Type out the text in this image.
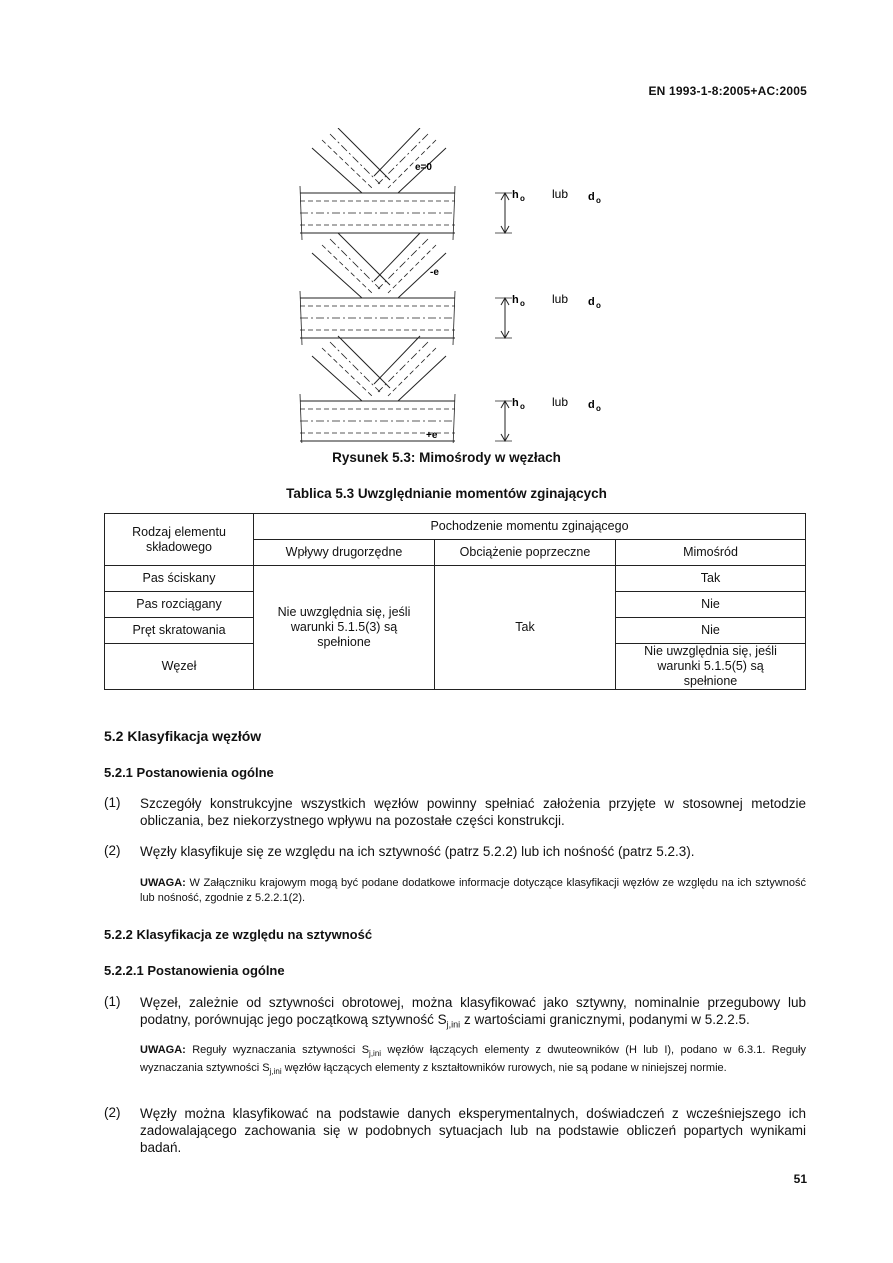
EN 1993-1-8:2005+AC:2005
e=0
h o lub d o
-e
h o lub d o
+e
h o lub d o
Rysunek 5.3: Mimośrody w węzłach
Tablica 5.3 Uwzględnianie momentów zginających
Rodzaj elementu składowego	Pochodzenie momentu zginającego		
	Wpływy drugorzędne	Obciążenie poprzeczne	Mimośród
Pas ściskany	Nie uwzględnia się, jeśli warunki 5.1.5(3) są spełnione	Tak	Tak
Pas rozciągany			Nie
Pręt skratowania			Nie
Węzeł			Nie uwzględnia się, jeśli warunki 5.1.5(5) są spełnione
5.2 Klasyfikacja węzłów
5.2.1 Postanowienia ogólne
(1) Szczegóły konstrukcyjne wszystkich węzłów powinny spełniać założenia przyjęte w stosownej metodzie obliczania, bez niekorzystnego wpływu na pozostałe części konstrukcji.
(2) Węzły klasyfikuje się ze względu na ich sztywność (patrz 5.2.2) lub ich nośność (patrz 5.2.3).
UWAGA: W Załączniku krajowym mogą być podane dodatkowe informacje dotyczące klasyfikacji węzłów ze względu na ich sztywność lub nośność, zgodnie z 5.2.2.1(2).
5.2.2 Klasyfikacja ze względu na sztywność
5.2.2.1 Postanowienia ogólne
(1) Węzeł, zależnie od sztywności obrotowej, można klasyfikować jako sztywny, nominalnie przegubowy lub podatny, porównując jego początkową sztywność $S_{j,ini}$ z wartościami granicznymi, podanymi w 5.2.2.5.
UWAGA: Reguły wyznaczania sztywności $S_{j,ini}$ węzłów łączących elementy z dwuteowników (H lub I), podano w 6.3.1. Reguły wyznaczania sztywności $S_{j,ini}$ węzłów łączących elementy z kształtowników rurowych, nie są podane w niniejszej normie.
(2) Węzły można klasyfikować na podstawie danych eksperymentalnych, doświadczeń z wcześniejszego ich zadowalającego zachowania się w podobnych sytuacjach lub na podstawie obliczeń popartych wynikami badań.
51
